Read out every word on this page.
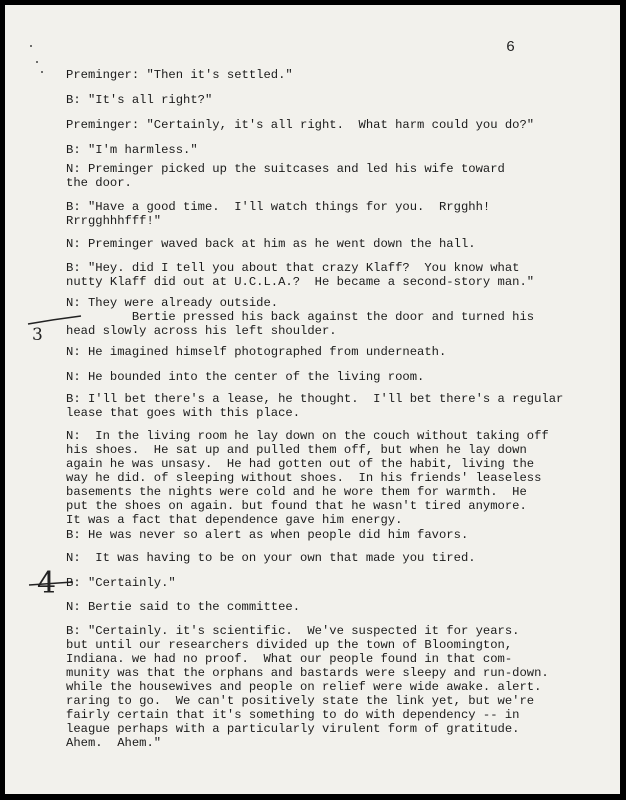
6

Preminger: "Then it's settled."

B: "It's all right?"

Preminger: "Certainly, it's all right.  What harm could you do?"

B: "I'm harmless."

N: Preminger picked up the suitcases and led his wife toward
the door.

B: "Have a good time.  I'll watch things for you.  Rrgghh!
Rrrgghhhfff!"

N: Preminger waved back at him as he went down the hall.

B: "Hey. did I tell you about that crazy Klaff?  You know what
nutty Klaff did out at U.C.L.A.?  He became a second-story man."

N: They were already outside.
Bertie pressed his back against the door and turned his
head slowly across his left shoulder.

N: He imagined himself photographed from underneath.

N: He bounded into the center of the living room.

B: I'll bet there's a lease, he thought.  I'll bet there's a regular
lease that goes with this place.

N:  In the living room he lay down on the couch without taking off
his shoes.  He sat up and pulled them off, but when he lay down
again he was unsasy.  He had gotten out of the habit, living the
way he did. of sleeping without shoes.  In his friends' leaseless
basements the nights were cold and he wore them for warmth.  He
put the shoes on again. but found that he wasn't tired anymore.
It was a fact that dependence gave him energy.

B: He was never so alert as when people did him favors.

N:  It was having to be on your own that made you tired.

B: "Certainly."

N: Bertie said to the committee.

B: "Certainly. it's scientific.  We've suspected it for years.
but until our researchers divided up the town of Bloomington,
Indiana. we had no proof.  What our people found in that com-
munity was that the orphans and bastards were sleepy and run-down.
while the housewives and people on relief were wide awake. alert.
raring to go.  We can't positively state the link yet, but we're
fairly certain that it's something to do with dependency -- in
league perhaps with a particularly virulent form of gratitude.
Ahem.  Ahem."

3
4
